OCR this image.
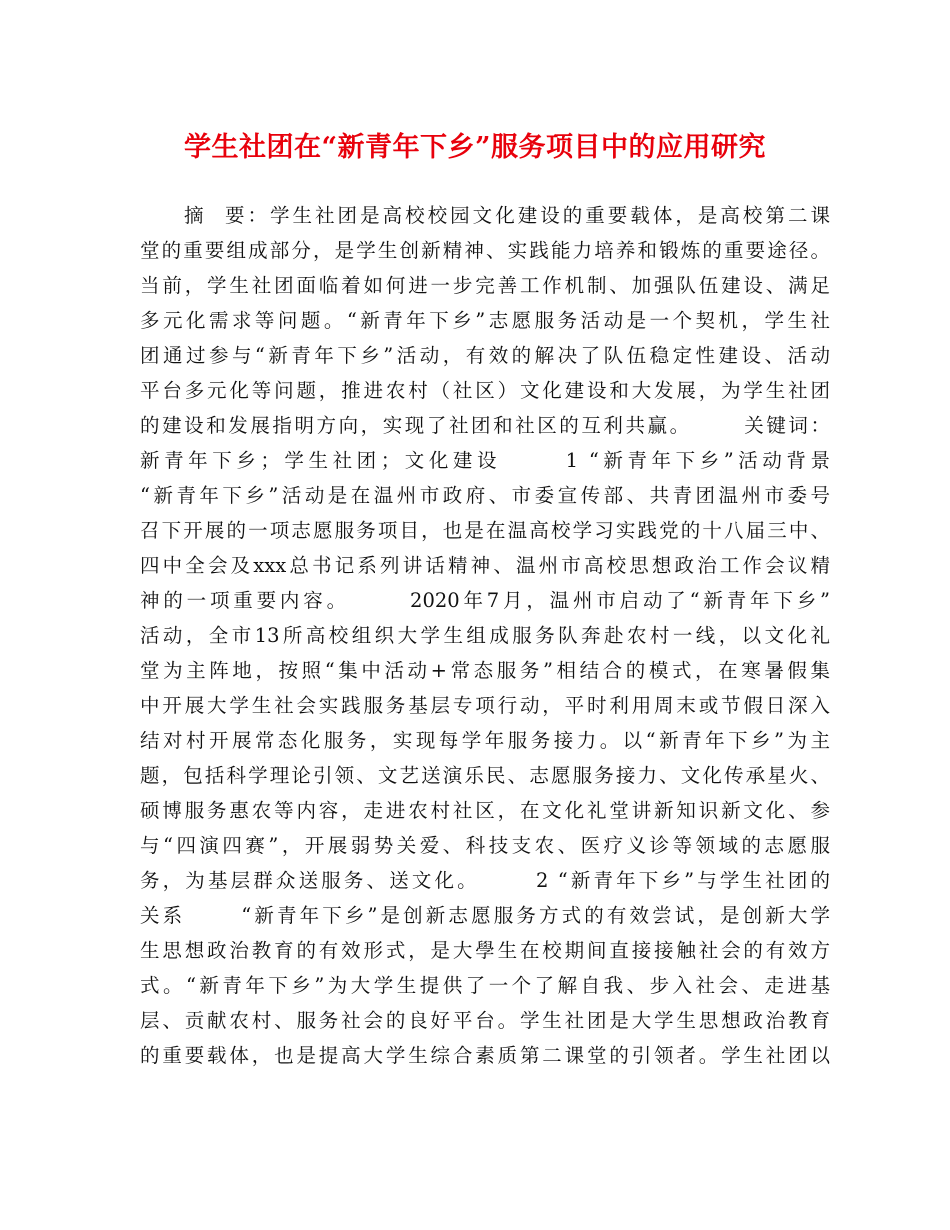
学生社团在“新青年下乡”服务项目中的应用研究
摘  要：学生社团是高校校园文化建设的重要载体，是高校第二课
堂的重要组成部分，是学生创新精神、实践能力培养和锻炼的重要途径。
当前，学生社团面临着如何进一步完善工作机制、加强队伍建设、满足
多元化需求等问题。“新青年下乡”志愿服务活动是一个契机，学生社
团通过参与“新青年下乡”活动，有效的解决了队伍稳定性建设、活动
平台多元化等问题，推进农村（社区）文化建设和大发展，为学生社团
的建设和发展指明方向，实现了社团和社区的互利共赢。      关键词：
新青年下乡；学生社团；文化建设      1 “新青年下乡”活动背景
“新青年下乡”活动是在温州市政府、市委宣传部、共青团温州市委号
召下开展的一项志愿服务项目，也是在温高校学习实践党的十八届三中、
四中全会及xxx总书记系列讲话精神、温州市高校思想政治工作会议精
神的一项重要内容。      2020年7月，温州市启动了“新青年下乡”
活动，全市13所高校组织大学生组成服务队奔赴农村一线，以文化礼
堂为主阵地，按照“集中活动+常态服务”相结合的模式，在寒暑假集
中开展大学生社会实践服务基层专项行动，平时利用周末或节假日深入
结对村开展常态化服务，实现每学年服务接力。以“新青年下乡”为主
题，包括科学理论引领、文艺送演乐民、志愿服务接力、文化传承星火、
硕博服务惠农等内容，走进农村社区，在文化礼堂讲新知识新文化、参
与“四演四赛”，开展弱势关爱、科技支农、医疗义诊等领域的志愿服
务，为基层群众送服务、送文化。      2 “新青年下乡”与学生社团的
关系      “新青年下乡”是创新志愿服务方式的有效尝试，是创新大学
生思想政治教育的有效形式，是大學生在校期间直接接触社会的有效方
式。“新青年下乡”为大学生提供了一个了解自我、步入社会、走进基
层、贡献农村、服务社会的良好平台。学生社团是大学生思想政治教育
的重要载体，也是提高大学生综合素质第二课堂的引领者。学生社团以
